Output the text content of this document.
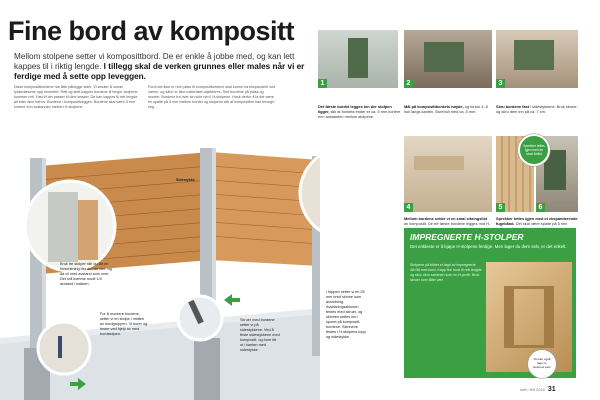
Fine bord av kompositt
Mellom stolpene setter vi komposittbord. De er enkle å jobbe med, og kan lett kappes til i riktig lengde. I tillegg skal de verken grunnes eller males når vi er ferdige med å sette opp leveggen.
Disse komposittbordene har åtte påbegge sider. Vi ønsker å unnde tykkerlæsene opp ensrettet. Rett og slett kappes bordene til lenger stolpene kommer rett. Fast til det passer til dine ønsker. De kan kappes til rett lengde alt etter dine behov. Bordene i komposittveggen. Bordene skal være 5 mm kortere enn avstanden mellom H-stolpene.
Fordi det ikke er noe plass til kompositbordene skal kunne ha ekspandere ved varme, og sånn er ikke materialet objekteres. Sett bordene på plass og monter. Bordene fra hver sin side ned i H-stolpene. Husk derfor å la det være en spalte på 5 mm mellom bordet og stolpene slik at kompositten kan bevege seg.
Sidestykke
Bruk tre stolper når du får en forsenkning der du har vert, og da vil med avstand som over. Det må komme rundt 1/3 avstand i bakken.
For å montere bordene, setter vi en stolpe i midten av bordgruppen. Vi borer og fester ved hjelp av med bordstolpen.
Skruer med bordene setter vi på sidestykkene. Ved å feste sidestykkene med kompositt, og bore litt ut i kanten med sidestykke.
I toppen setter vi en 25 mm bred skinne som avslutning. Avslutningsskinnen festes med skruer, og skinnen settes inn i sporet på kompositt-bordene. Skinnene festes i H-stolpens topp og sidestykke.
1	2	3
Det første bordet legges inn der stolpen ligger, slik at bordets ender er ca. 5 mm kortere enn avstanden mellom stolpene.
Mål på komposittbordets høyde, og forbor 4–5 hull langs kanten. Borehull med ca. 5 mm.
Skru bordene fast i sidestykkene. Bruk skruer, og skru dem inn på ca. 7 cm.
4	5	6
Sprekker tettes igjen med en smal limlist
Mellom bordene setter vi en smal sikringslist av kompositt. De tre første bordene legges mot H-
Sprekker tettes igjen med et ekspanderende fugebånd. Det skal være spalte på 5 mm
IMPREGNERTE H-STOLPER
Det enkleste er å kjøpe H-stolpene ferdige. Men lager du dem selv, er det enkelt.
Stolpene på bildet er lagd av impregnerte 48×98 mm-bord. Kapp fire bord til rett lengde og skru dem sammen som en H-profil. Bruk skruer som tåler vær.
Du kan også lage H-stolpene selv.
sett i felt 2016 31
